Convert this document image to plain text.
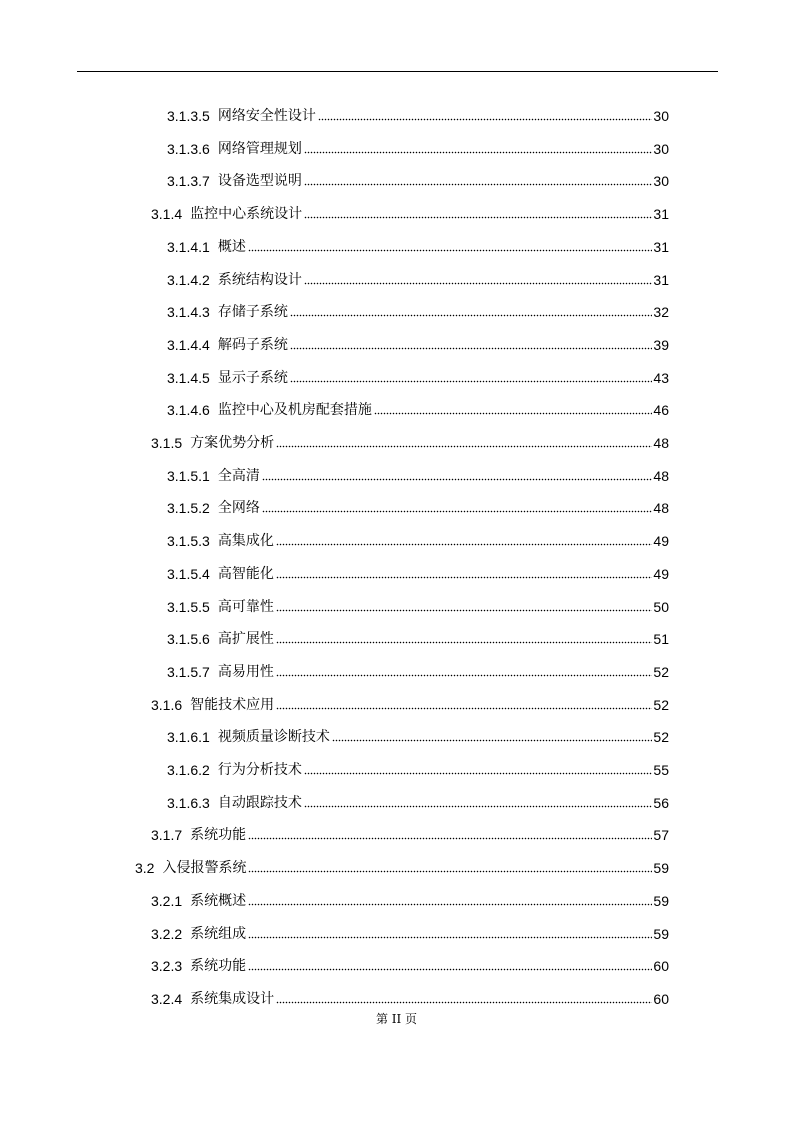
3.1.3.5 网络安全性设计	30
3.1.3.6 网络管理规划	30
3.1.3.7 设备选型说明	30
3.1.4 监控中心系统设计	31
3.1.4.1 概述	31
3.1.4.2 系统结构设计	31
3.1.4.3 存储子系统	32
3.1.4.4 解码子系统	39
3.1.4.5 显示子系统	43
3.1.4.6 监控中心及机房配套措施	46
3.1.5 方案优势分析	48
3.1.5.1 全高清	48
3.1.5.2 全网络	48
3.1.5.3 高集成化	49
3.1.5.4 高智能化	49
3.1.5.5 高可靠性	50
3.1.5.6 高扩展性	51
3.1.5.7 高易用性	52
3.1.6 智能技术应用	52
3.1.6.1 视频质量诊断技术	52
3.1.6.2 行为分析技术	55
3.1.6.3 自动跟踪技术	56
3.1.7 系统功能	57
3.2 入侵报警系统	59
3.2.1 系统概述	59
3.2.2 系统组成	59
3.2.3 系统功能	60
3.2.4 系统集成设计	60
第 II 页
